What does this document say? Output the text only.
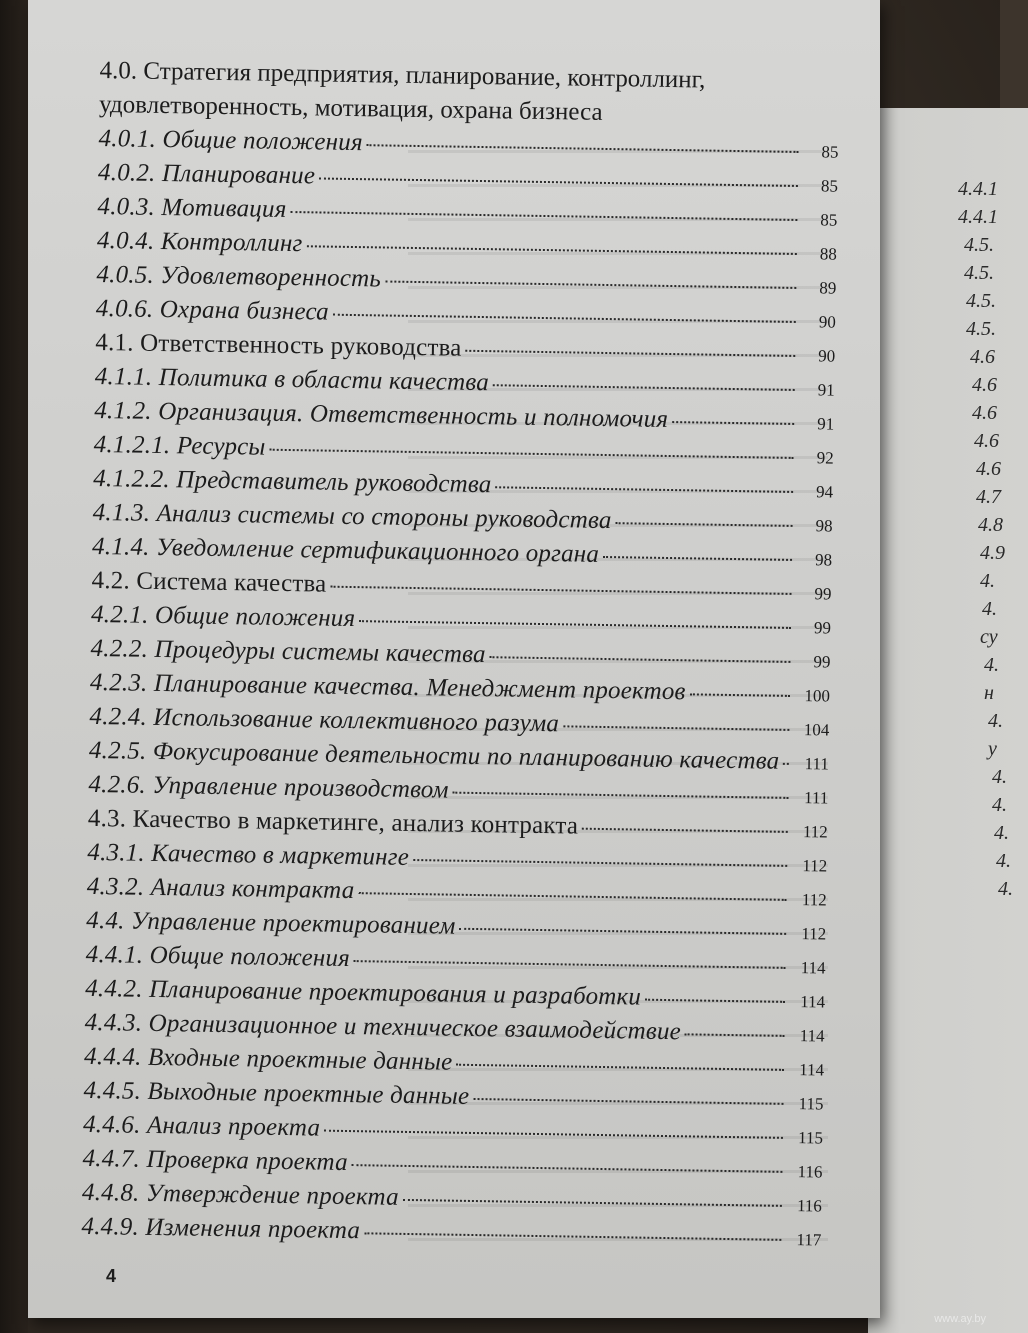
4.4.1
4.4.1
4.5.
4.5.
4.5.
4.5.
4.6
4.6
4.6
4.6
4.6
4.7
4.8
4.9
4.
4.
су
4.
н
4.
у
4.
4.
4.
4.
4.
4.0. Стратегия предприятия, планирование, контроллинг,
удовлетворенность, мотивация, охрана бизнеса
4.0.1. Общие положения	85
4.0.2. Планирование	85
4.0.3. Мотивация	85
4.0.4. Контроллинг	88
4.0.5. Удовлетворенность	89
4.0.6. Охрана бизнеса	90
4.1. Ответственность руководства	90
4.1.1. Политика в области качества	91
4.1.2. Организация. Ответственность и полномочия	91
4.1.2.1. Ресурсы	92
4.1.2.2. Представитель руководства	94
4.1.3. Анализ системы со стороны руководства	98
4.1.4. Уведомление сертификационного органа	98
4.2. Система качества	99
4.2.1. Общие положения	99
4.2.2. Процедуры системы качества	99
4.2.3. Планирование качества. Менеджмент проектов	100
4.2.4. Использование коллективного разума	104
4.2.5. Фокусирование деятельности по планированию качества	111
4.2.6. Управление производством	111
4.3. Качество в маркетинге, анализ контракта	112
4.3.1. Качество в маркетинге	112
4.3.2. Анализ контракта	112
4.4. Управление проектированием	112
4.4.1. Общие положения	114
4.4.2. Планирование проектирования и разработки	114
4.4.3. Организационное и техническое взаимодействие	114
4.4.4. Входные проектные данные	114
4.4.5. Выходные проектные данные	115
4.4.6. Анализ проекта	115
4.4.7. Проверка проекта	116
4.4.8. Утверждение проекта	116
4.4.9. Изменения проекта	117
4
www.ay.by
